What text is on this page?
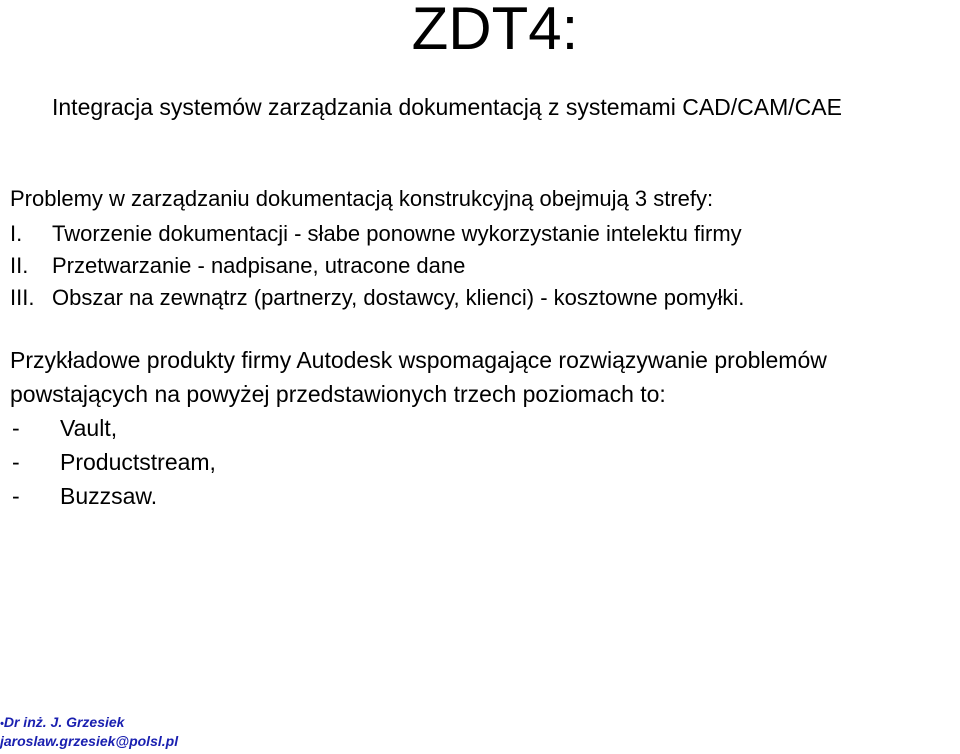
ZDT4:
Integracja systemów zarządzania dokumentacją z systemami CAD/CAM/CAE
Problemy w zarządzaniu dokumentacją konstrukcyjną obejmują 3 strefy:
I.	Tworzenie dokumentacji - słabe ponowne wykorzystanie intelektu firmy
II.	Przetwarzanie - nadpisane, utracone dane
III. Obszar na zewnątrz (partnerzy, dostawcy, klienci) - kosztowne pomyłki.

Przykładowe produkty firmy Autodesk wspomagające rozwiązywanie problemów

powstających na powyżej przedstawionych trzech poziomach to:

-	Vault,
-	Productstream,
-	Buzzsaw.
•Dr inż. J. Grzesiek
jaroslaw.grzesiek@polsl.pl
